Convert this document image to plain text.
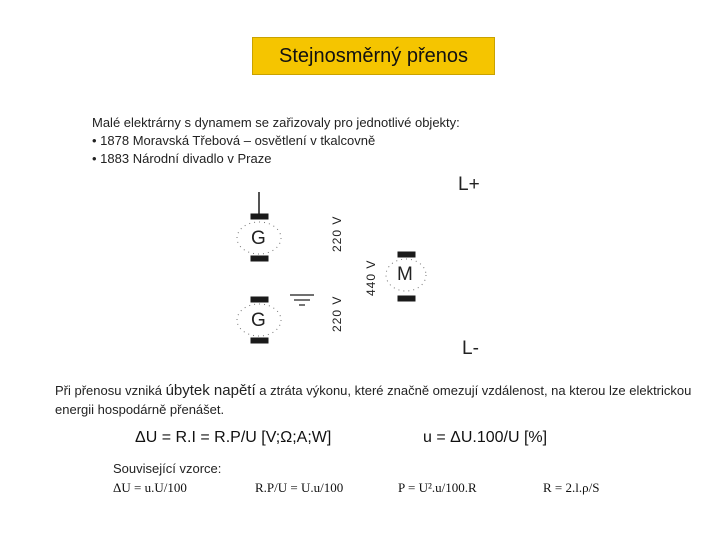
Stejnosměrný přenos
Malé elektrárny s dynamem se zařizovaly pro jednotlivé objekty:
• 1878 Moravská Třebová – osvětlení v tkalcovně
• 1883 Národní divadlo v Praze
L+
L-
G
G
M
220 V
220 V
440 V
Při přenosu vzniká úbytek napětí a ztráta výkonu, které značně omezují vzdálenost, na kterou lze elektrickou energii hospodárně přenášet.
ΔU = R.I = R.P/U [V;Ω;A;W]	u = ΔU.100/U [%]
Související vzorce:
ΔU = u.U/100	R.P/U = U.u/100	P = U².u/100.R	R = 2.l.ρ/S
